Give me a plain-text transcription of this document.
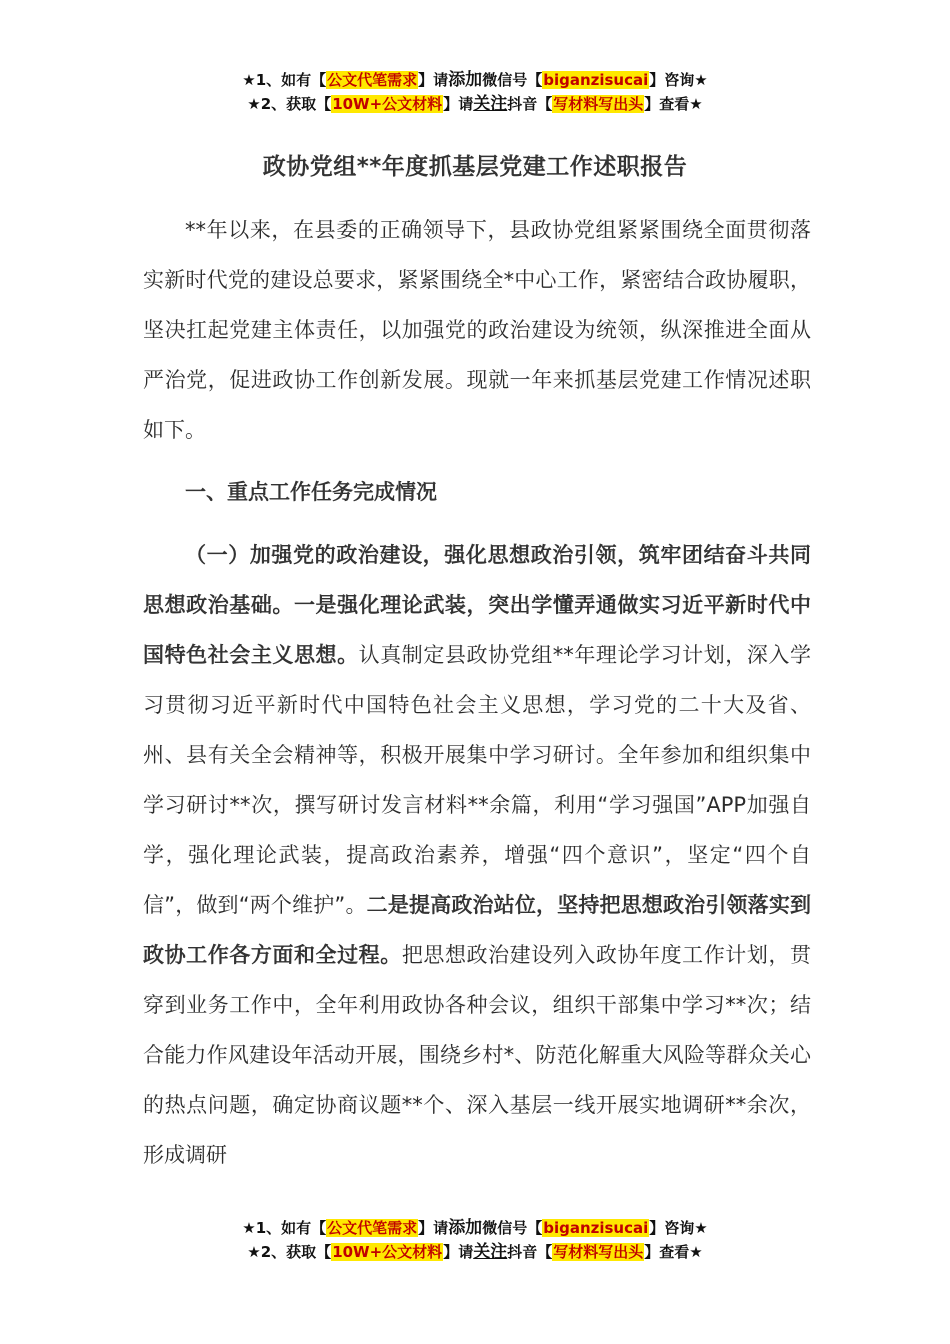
★1、如有【公文代笔需求】请添加微信号【biganzisucai】咨询★
★2、获取【10W+公文材料】请关注抖音【写材料写出头】查看★
政协党组**年度抓基层党建工作述职报告

**年以来，在县委的正确领导下，县政协党组紧紧围绕全面贯彻落实新时代党的建设总要求，紧紧围绕全*中心工作，紧密结合政协履职，坚决扛起党建主体责任，以加强党的政治建设为统领，纵深推进全面从严治党，促进政协工作创新发展。现就一年来抓基层党建工作情况述职如下。

一、重点工作任务完成情况

（一）加强党的政治建设，强化思想政治引领，筑牢团结奋斗共同思想政治基础。一是强化理论武装，突出学懂弄通做实习近平新时代中国特色社会主义思想。认真制定县政协党组**年理论学习计划，深入学习贯彻习近平新时代中国特色社会主义思想，学习党的二十大及省、州、县有关全会精神等，积极开展集中学习研讨。全年参加和组织集中学习研讨**次，撰写研讨发言材料**余篇，利用“学习强国”APP加强自学，强化理论武装，提高政治素养，增强“四个意识”，坚定“四个自信”，做到“两个维护”。二是提高政治站位，坚持把思想政治引领落实到政协工作各方面和全过程。把思想政治建设列入政协年度工作计划，贯穿到业务工作中，全年利用政协各种会议，组织干部集中学习**次；结合能力作风建设年活动开展，围绕乡村*、防范化解重大风险等群众关心的热点问题，确定协商议题**个、深入基层一线开展实地调研**余次，形成调研

★1、如有【公文代笔需求】请添加微信号【biganzisucai】咨询★
★2、获取【10W+公文材料】请关注抖音【写材料写出头】查看★
